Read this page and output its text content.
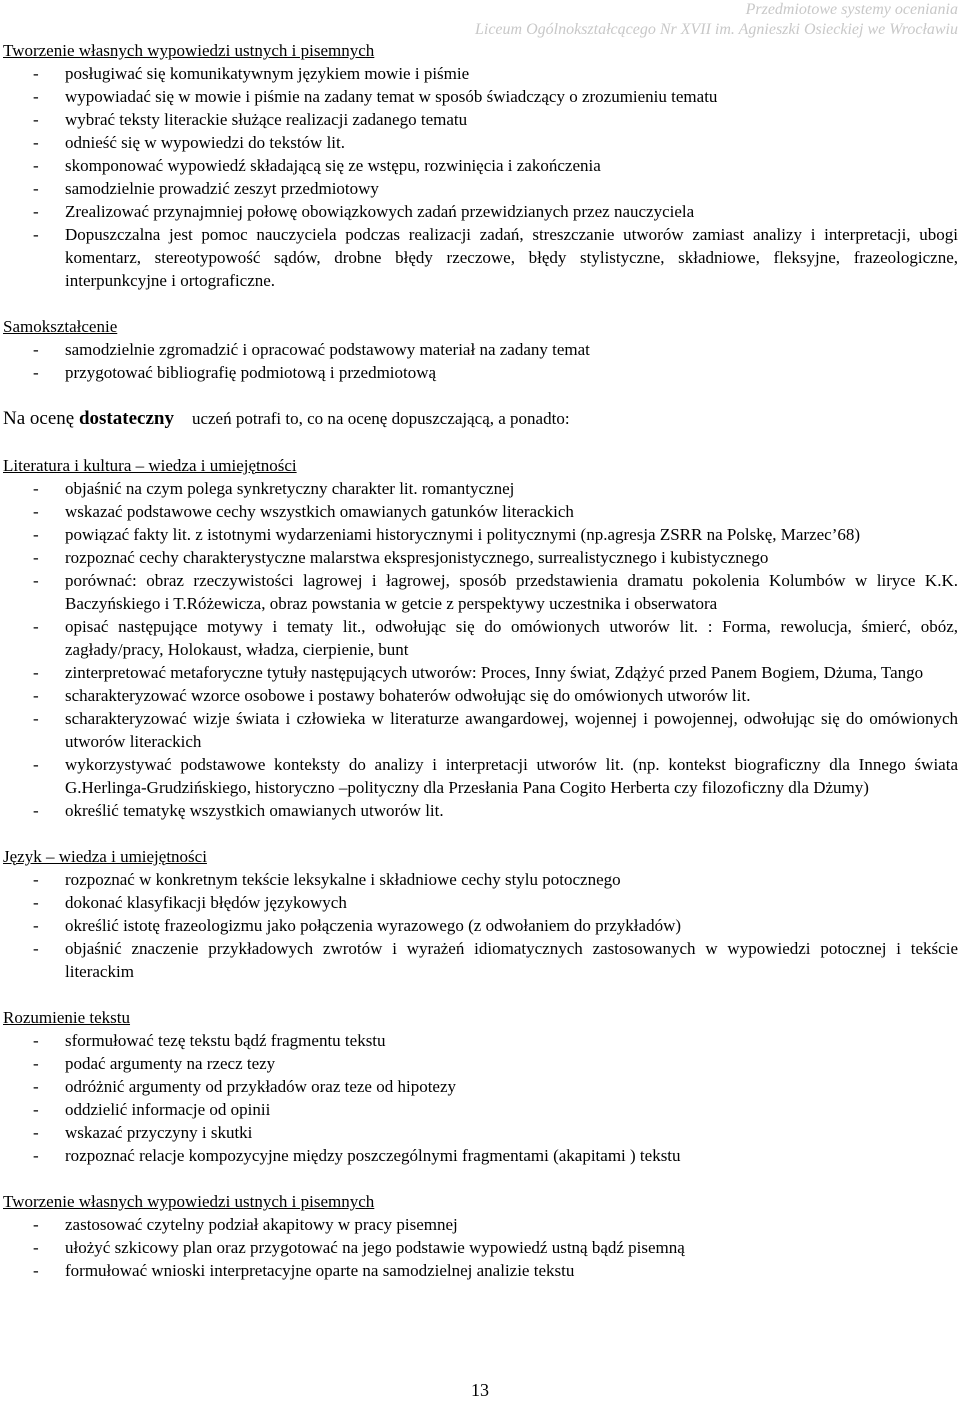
Przedmiotowe systemy oceniania
Liceum Ogólnokształcącego Nr XVII im. Agnieszki Osieckiej we Wrocławiu
Tworzenie własnych wypowiedzi ustnych i pisemnych
- posługiwać się komunikatywnym językiem mowie i piśmie
- wypowiadać się w mowie i piśmie na zadany temat w sposób świadczący o zrozumieniu tematu
- wybrać teksty literackie służące realizacji zadanego tematu
- odnieść się w wypowiedzi do tekstów lit.
- skomponować wypowiedź składającą się ze wstępu, rozwinięcia i zakończenia
- samodzielnie prowadzić zeszyt przedmiotowy
- Zrealizować przynajmniej połowę obowiązkowych zadań przewidzianych przez nauczyciela
- Dopuszczalna jest pomoc nauczyciela podczas realizacji zadań, streszczanie utworów zamiast analizy i interpretacji, ubogi komentarz, stereotypowość sądów, drobne błędy rzeczowe, błędy stylistyczne, składniowe, fleksyjne, frazeologiczne, interpunkcyjne i ortograficzne.
Samokształcenie
- samodzielnie zgromadzić i opracować podstawowy materiał na zadany temat
- przygotować bibliografię podmiotową i przedmiotową

Na ocenę dostateczny uczeń potrafi to, co na ocenę dopuszczającą, a ponadto:

Literatura i kultura – wiedza i umiejętności
- objaśnić na czym polega synkretyczny charakter lit. romantycznej
- wskazać podstawowe cechy wszystkich omawianych gatunków literackich
- powiązać fakty lit. z istotnymi wydarzeniami historycznymi i politycznymi (np.agresja ZSRR na Polskę, Marzec’68)
- rozpoznać cechy charakterystyczne malarstwa ekspresjonistycznego, surrealistycznego i kubistycznego
- porównać: obraz rzeczywistości lagrowej i łagrowej, sposób przedstawienia dramatu pokolenia Kolumbów w liryce K.K. Baczyńskiego i T.Różewicza, obraz powstania w getcie z perspektywy uczestnika i obserwatora
- opisać następujące motywy i tematy lit., odwołując się do omówionych utworów lit. : Forma, rewolucja, śmierć, obóz, zagłady/pracy, Holokaust, władza, cierpienie, bunt
- zinterpretować metaforyczne tytuły następujących utworów: Proces, Inny świat, Zdążyć przed Panem Bogiem, Dżuma, Tango
- scharakteryzować wzorce osobowe i postawy bohaterów odwołując się do omówionych utworów lit.
- scharakteryzować wizje świata i człowieka w literaturze awangardowej, wojennej i powojennej, odwołując się do omówionych utworów literackich
- wykorzystywać podstawowe konteksty do analizy i interpretacji utworów lit. (np. kontekst biograficzny dla Innego świata G.Herlinga-Grudzińskiego, historyczno –polityczny dla Przesłania Pana Cogito Herberta czy filozoficzny dla Dżumy)
- określić tematykę wszystkich omawianych utworów lit.
Język – wiedza i umiejętności
- rozpoznać w konkretnym tekście leksykalne i składniowe cechy stylu potocznego
- dokonać klasyfikacji błędów językowych
- określić istotę frazeologizmu jako połączenia wyrazowego (z odwołaniem do przykładów)
- objaśnić znaczenie przykładowych zwrotów i wyrażeń idiomatycznych zastosowanych w wypowiedzi potocznej i tekście literackim
Rozumienie tekstu
- sformułować tezę tekstu bądź fragmentu tekstu
- podać argumenty na rzecz tezy
- odróżnić argumenty od przykładów oraz teze od hipotezy
- oddzielić informacje od opinii
- wskazać przyczyny i skutki
- rozpoznać relacje kompozycyjne między poszczególnymi fragmentami (akapitami ) tekstu
Tworzenie własnych wypowiedzi ustnych i pisemnych
- zastosować czytelny podział akapitowy w pracy pisemnej
- ułożyć szkicowy plan oraz przygotować na jego podstawie wypowiedź ustną bądź pisemną
- formułować wnioski interpretacyjne oparte na samodzielnej analizie tekstu
13
